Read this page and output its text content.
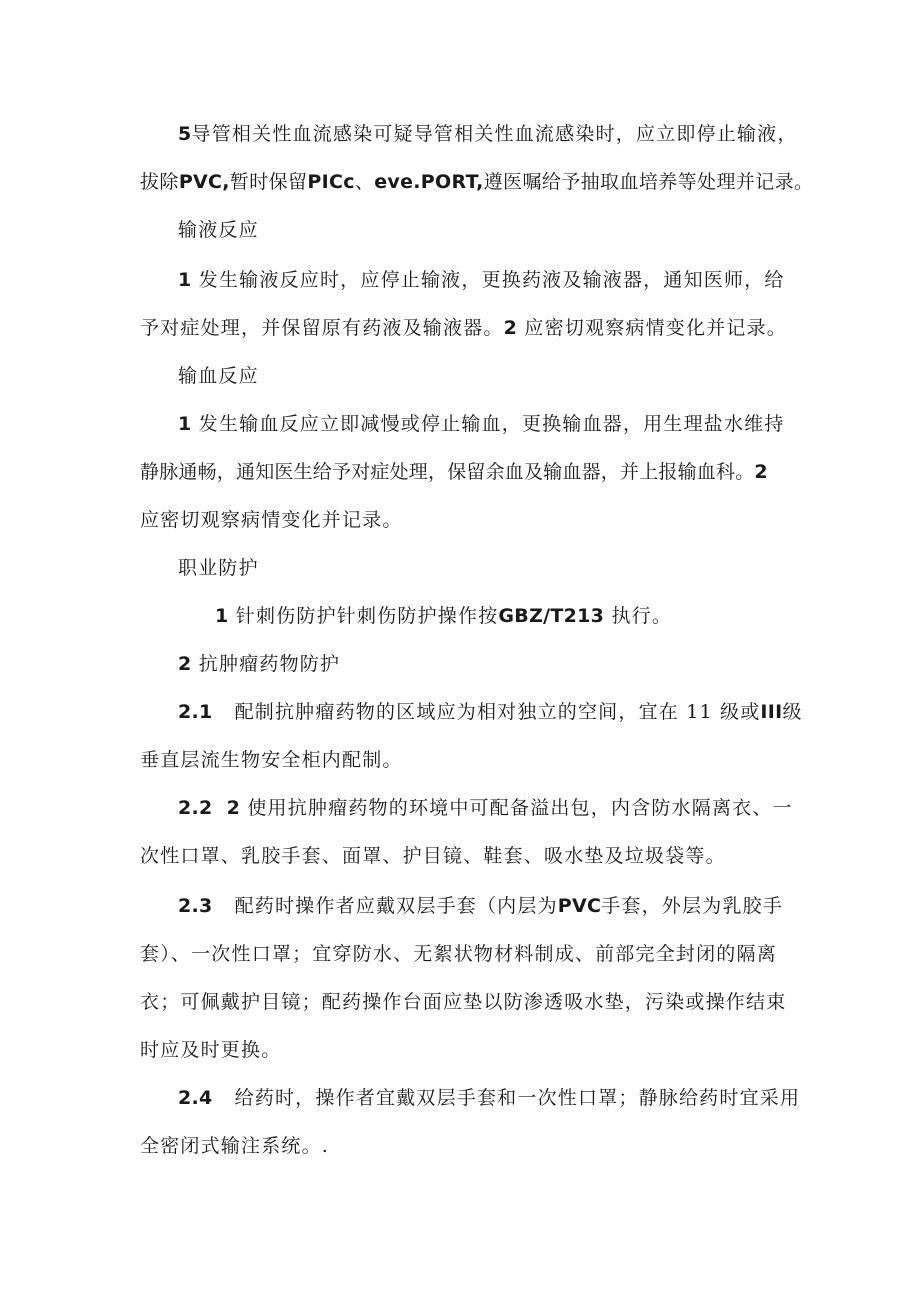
5导管相关性血流感染可疑导管相关性血流感染时，应立即停止输液，
拔除PVC,暂时保留PICc、eve.PORT,遵医嘱给予抽取血培养等处理并记录。

输液反应

1 发生输液反应时，应停止输液，更换药液及输液器，通知医师，给
予对症处理，并保留原有药液及输液器。2 应密切观察病情变化并记录。

输血反应

1 发生输血反应立即减慢或停止输血，更换输血器，用生理盐水维持
静脉通畅，通知医生给予对症处理，保留余血及输血器，并上报输血科。2
应密切观察病情变化并记录。

职业防护

1 针刺伤防护针刺伤防护操作按GBZ/T213 执行。

2 抗肿瘤药物防护

2.1 配制抗肿瘤药物的区域应为相对独立的空间，宜在 11 级或III级
垂直层流生物安全柜内配制。

2.2 2 使用抗肿瘤药物的环境中可配备溢出包，内含防水隔离衣、一
次性口罩、乳胶手套、面罩、护目镜、鞋套、吸水垫及垃圾袋等。

2.3 配药时操作者应戴双层手套（内层为PVC手套，外层为乳胶手
套）、一次性口罩；宜穿防水、无絮状物材料制成、前部完全封闭的隔离
衣；可佩戴护目镜；配药操作台面应垫以防渗透吸水垫，污染或操作结束
时应及时更换。

2.4 给药时，操作者宜戴双层手套和一次性口罩；静脉给药时宜采用
全密闭式输注系统。.
